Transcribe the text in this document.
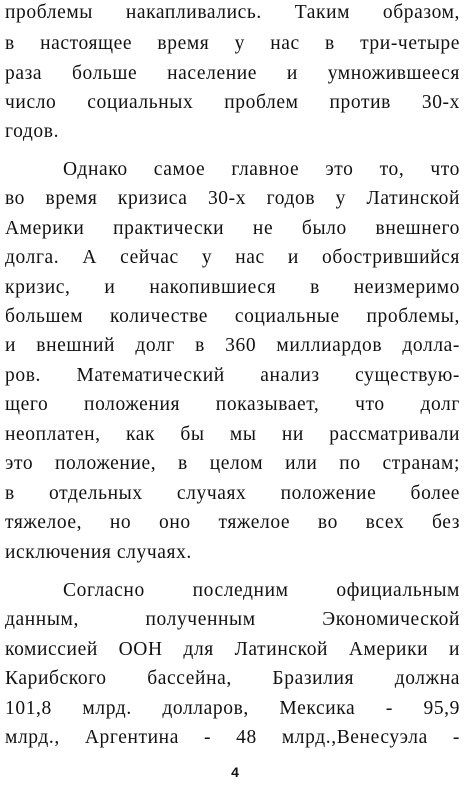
проблемы накапливались. Таким образом,
в настоящее время у нас в три-четыре
раза больше население и умножившееся
число социальных проблем против 30-х
годов.
Однако самое главное это то, что
во время кризиса 30-х годов у Латинской
Америки практически не было внешнего
долга. А сейчас у нас и обострившийся
кризис, и накопившиеся в неизмеримо
большем количестве социальные проблемы,
и внешний долг в 360 миллиардов долла-
ров. Математический анализ существую-
щего положения показывает, что долг
неоплатен, как бы мы ни рассматривали
это положение, в целом или по странам;
в отдельных случаях положение более
тяжелое, но оно тяжелое во всех без
исключения случаях.
Согласно последним официальным
данным, полученным Экономической
комиссией ООН для Латинской Америки и
Карибского бассейна, Бразилия должна
101,8 млрд. долларов, Мексика - 95,9
млрд., Аргентина - 48 млрд.,Венесуэла -
4
